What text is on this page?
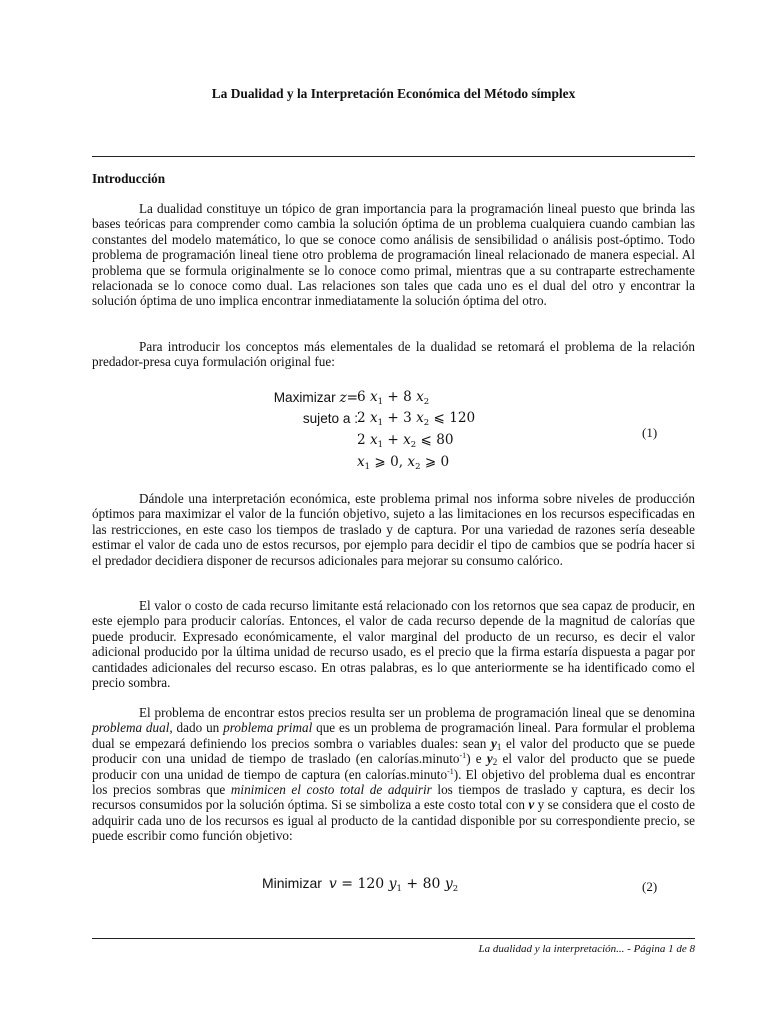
La Dualidad y la Interpretación Económica del Método símplex
Introducción

La dualidad constituye un tópico de gran importancia para la programación lineal puesto que brinda las bases teóricas para comprender como cambia la solución óptima de un problema cualquiera cuando cambian las constantes del modelo matemático, lo que se conoce como análisis de sensibilidad o análisis post-óptimo. Todo problema de programación lineal tiene otro problema de programación lineal relacionado de manera especial. Al problema que se formula originalmente se lo conoce como primal, mientras que a su contraparte estrechamente relacionada se lo conoce como dual. Las relaciones son tales que cada uno es el dual del otro y encontrar la solución óptima de uno implica encontrar inmediatamente la solución óptima del otro.

Para introducir los conceptos más elementales de la dualidad se retomará el problema de la relación predador-presa cuya formulación original fue:

Maximizar z= 6 $x_1 + 8$ $x_2$
sujeto a : 2 $x_1 + 3$ $x_2$ ⩽ 120
2 $x_1 + x_2$ ⩽ 80
$x_1$ ⩾ 0, $x_2$ ⩾ 0
(1)

Dándole una interpretación económica, este problema primal nos informa sobre niveles de producción óptimos para maximizar el valor de la función objetivo, sujeto a las limitaciones en los recursos especificadas en las restricciones, en este caso los tiempos de traslado y de captura. Por una variedad de razones sería deseable estimar el valor de cada uno de estos recursos, por ejemplo para decidir el tipo de cambios que se podría hacer si el predador decidiera disponer de recursos adicionales para mejorar su consumo calórico.

El valor o costo de cada recurso limitante está relacionado con los retornos que sea capaz de producir, en este ejemplo para producir calorías. Entonces, el valor de cada recurso depende de la magnitud de calorías que puede producir. Expresado económicamente, el valor marginal del producto de un recurso, es decir el valor adicional producido por la última unidad de recurso usado, es el precio que la firma estaría dispuesta a pagar por cantidades adicionales del recurso escaso. En otras palabras, es lo que anteriormente se ha identificado como el precio sombra.

El problema de encontrar estos precios resulta ser un problema de programación lineal que se denomina problema dual, dado un problema primal que es un problema de programación lineal. Para formular el problema dual se empezará definiendo los precios sombra o variables duales: sean $y_1$ el valor del producto que se puede producir con una unidad de tiempo de traslado (en calorías.minuto$^{-1}$) e $y_2$ el valor del producto que se puede producir con una unidad de tiempo de captura (en calorías.minuto$^{-1}$). El objetivo del problema dual es encontrar los precios sombras que minimicen el costo total de adquirir los tiempos de traslado y captura, es decir los recursos consumidos por la solución óptima. Si se simboliza a este costo total con v y se considera que el costo de adquirir cada uno de los recursos es igual al producto de la cantidad disponible por su correspondiente precio, se puede escribir como función objetivo:

Minimizar v = 120 $y_1 + 80$ $y_2$	(2)
La dualidad y la interpretación... - Página 1 de 8
